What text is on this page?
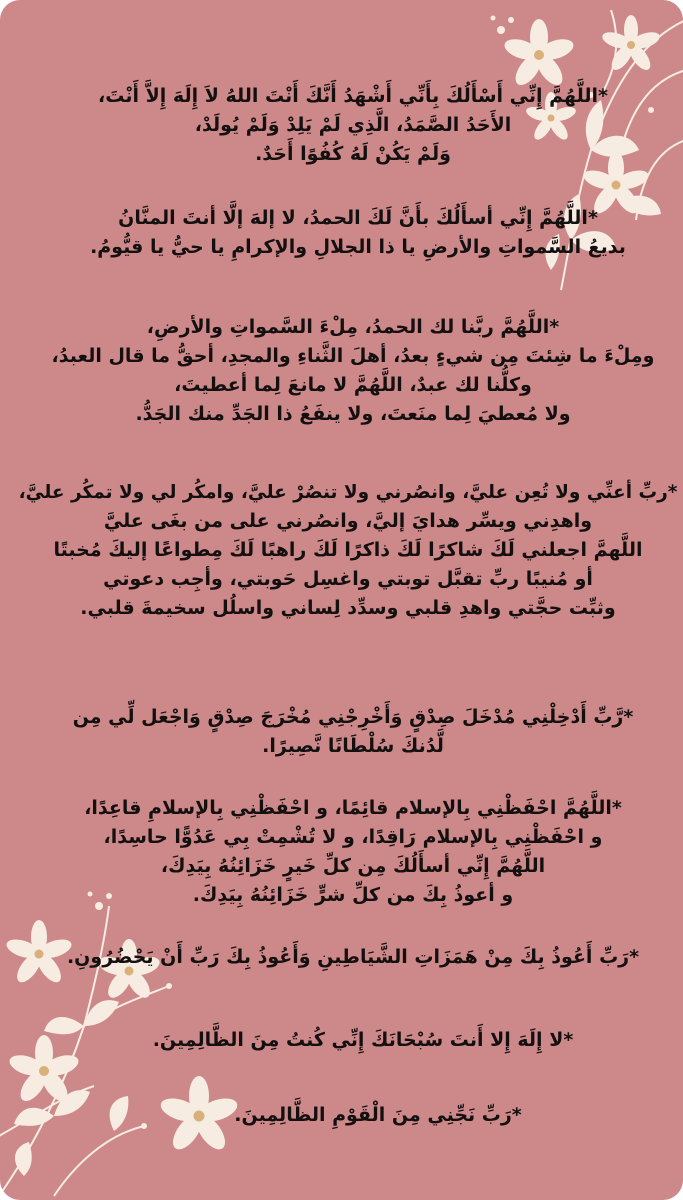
*اللَّهُمَّ إِنِّي أَسْأَلُكَ بِأَنِّي أَشْهَدُ أَنَّكَ أَنْتَ اللهُ لاَ إِلَهَ إِلاَّ أَنْتَ،
الأَحَدُ الصَّمَدُ، الَّذِي لَمْ يَلِدْ وَلَمْ يُولَدْ،
وَلَمْ يَكُنْ لَهُ كُفُوًا أَحَدٌ.
*اللَّهُمَّ إِنِّي أسأَلُكَ بأَنَّ لَكَ الحمدُ، لا إلهَ إلَّا أنتَ المنَّانُ
بديعُ السَّمواتِ والأرضِ يا ذا الجلالِ والإكرامِ يا حيُّ يا قيُّومُ.
*اللَّهُمَّ ربَّنا لك الحمدُ، مِلْءَ السَّمواتِ والأرضِ،
ومِلْءَ ما شِئتَ مِن شيءٍ بعدُ، أهلَ الثَّناءِ والمجدِ، أحقُّ ما قال العبدُ،
وكلُّنا لك عبدٌ، اللَّهُمَّ لا مانعَ لِما أعطيتَ،
ولا مُعطيَ لِما منَعتَ، ولا ينفَعُ ذا الجَدِّ منك الجَدُّ.
*ربِّ أعنِّي ولا تُعِن عليَّ، وانصُرني ولا تنصُرْ عليَّ، وامكُر لي ولا تمكُر عليَّ،
واهدِني ويسِّر هدايَ إليَّ، وانصُرني على من بغَى عليَّ
اللَّهمَّ اجعلني لَكَ شاكرًا لَكَ ذاكرًا لَكَ راهبًا لَكَ مِطواعًا إليكَ مُخبتًا
أو مُنيبًا ربِّ تقبَّل توبتي واغسِل حَوبتي، وأجِب دعوتي
وثبِّت حجَّتي واهدِ قلبي وسدِّد لِساني واسلُل سخيمةَ قلبي.
*رَّبِّ أَدْخِلْنِي مُدْخَلَ صِدْقٍ وَأَخْرِجْنِي مُخْرَجَ صِدْقٍ وَاجْعَل لِّي مِن
لَّدُنكَ سُلْطَانًا نَّصِيرًا.
*اللَّهُمَّ احْفَظْنِي بِالإسلام قائِمًا، و احْفَظْنِي بِالإسلامِ قاعِدًا،
و احْفَظْنِي بِالإسلام رَاقِدًا، و لا تُشْمِتْ بِي عَدُوًّا حاسِدًا،
اللَّهُمَّ إِنِّي أسأَلُكَ مِن كلِّ خَيرٍ خَزَائِنُهُ بِيَدِكَ،
و أعوذُ بِكَ من كلِّ شرٍّ خَزَائِنُهُ بِيَدِكَ.
*رَبِّ أَعُوذُ بِكَ مِنْ هَمَزَاتِ الشَّيَاطِينِ وَأَعُوذُ بِكَ رَبِّ أَنْ يَحْضُرُونِ.
*لا إِلَهَ إِلا أَنتَ سُبْحَانَكَ إِنِّي كُنتُ مِنَ الظَّالِمِينَ.
*رَبِّ نَجِّنِي مِنَ الْقَوْمِ الظَّالِمِينَ.
